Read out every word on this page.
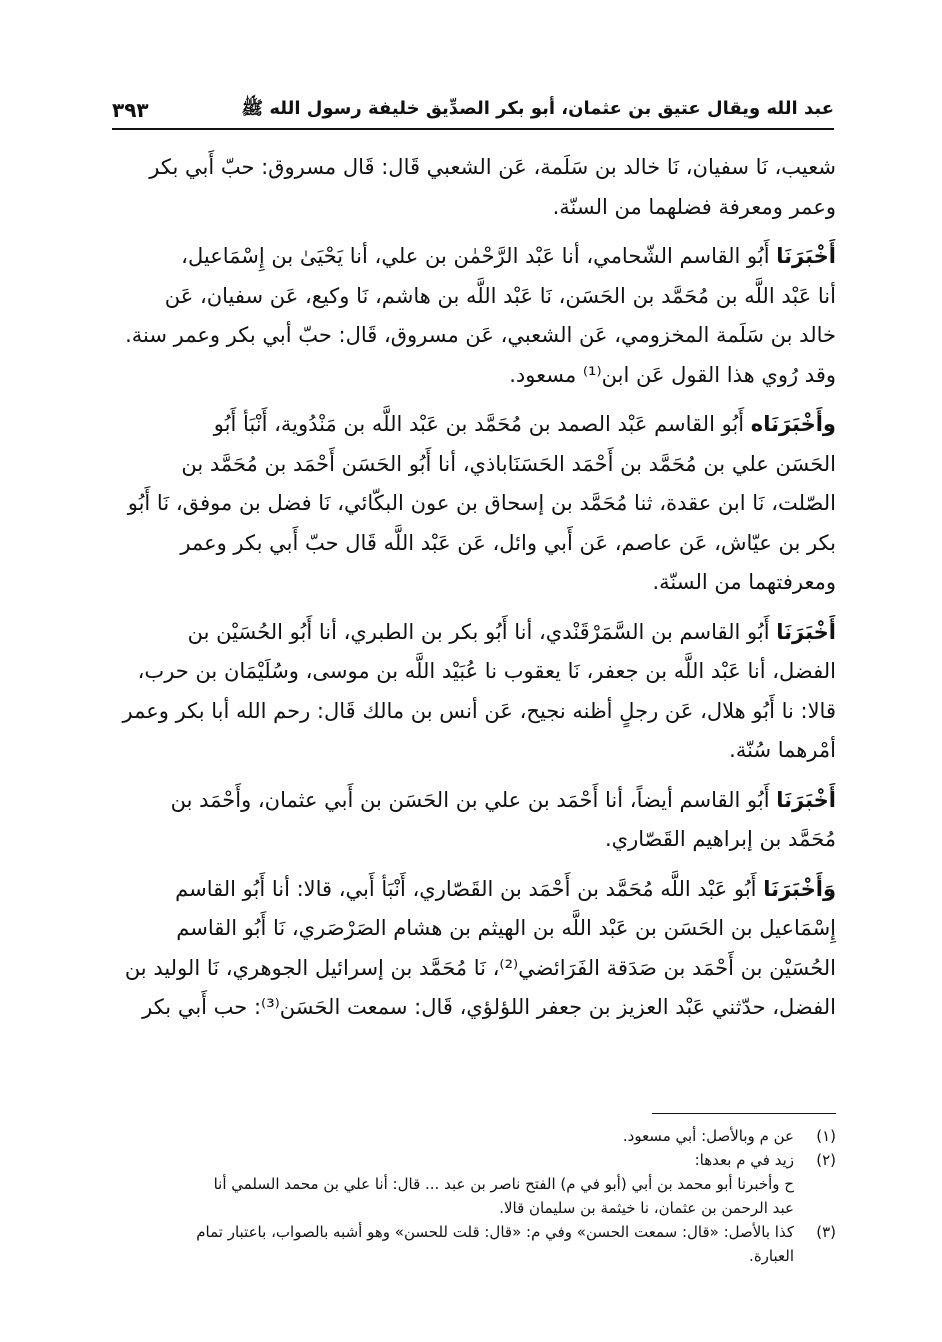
عبد الله ويقال عتيق بن عثمان، أبو بكر الصدِّيق خليفة رسول الله ﷺ
٣٩٣
شعيب، نَا سفيان، نَا خالد بن سَلَمة، عَن الشعبي قَال: قَال مسروق: حبّ أَبي بكر
وعمر ومعرفة فضلهما من السنّة.
أَخْبَرَنَا أَبُو القاسم الشّحامي، أنا عَبْد الرَّحْمٰن بن علي، أنا يَحْيَىٰ بن إِسْمَاعيل،
أنا عَبْد اللَّه بن مُحَمَّد بن الحَسَن، نَا عَبْد اللَّه بن هاشم، نَا وكيع، عَن سفيان، عَن
خالد بن سَلَمة المخزومي، عَن الشعبي، عَن مسروق، قَال: حبّ أبي بكر وعمر سنة.
وقد رُوي هذا القول عَن ابن⁽¹⁾ مسعود.
وأَخْبَرَنَاه أَبُو القاسم عَبْد الصمد بن مُحَمَّد بن عَبْد اللَّه بن مَنْدُوية، أَنْبَأ أَبُو
الحَسَن علي بن مُحَمَّد بن أَحْمَد الحَسَنَاباذي، أنا أَبُو الحَسَن أَحْمَد بن مُحَمَّد بن
الصّلت، نَا ابن عقدة، ثنا مُحَمَّد بن إسحاق بن عون البكّائي، نَا فضل بن موفق، نَا أَبُو
بكر بن عيّاش، عَن عاصم، عَن أَبي وائل، عَن عَبْد اللَّه قَال حبّ أَبي بكر وعمر
ومعرفتهما من السنّة.
أَخْبَرَنَا أَبُو القاسم بن السَّمَرْقَنْدي، أنا أَبُو بكر بن الطبري، أنا أَبُو الحُسَيْن بن
الفضل، أنا عَبْد اللَّه بن جعفر، نَا يعقوب نا عُبَيْد اللَّه بن موسى، وسُلَيْمَان بن حرب،
قالا: نا أَبُو هلال، عَن رجلٍ أظنه نجيح، عَن أنس بن مالك قَال: رحم الله أبا بكر وعمر
أمْرهما سُنّة.
أَخْبَرَنَا أَبُو القاسم أيضاً، أنا أَحْمَد بن علي بن الحَسَن بن أَبي عثمان، وأَحْمَد بن
مُحَمَّد بن إبراهيم القَصّاري.
وَأَخْبَرَنَا أَبُو عَبْد اللَّه مُحَمَّد بن أَحْمَد بن القَصّاري، أَنْبَأ أَبي، قالا: أنا أَبُو القاسم
إِسْمَاعيل بن الحَسَن بن عَبْد اللَّه بن الهيثم بن هشام الصَرْصَري، نَا أَبُو القاسم
الحُسَيْن بن أَحْمَد بن صَدَقة الفَرَائضي⁽²⁾، نَا مُحَمَّد بن إسرائيل الجوهري، نَا الوليد بن
الفضل، حدّثني عَبْد العزيز بن جعفر اللؤلؤي، قَال: سمعت الحَسَن⁽³⁾: حب أَبي بكر
(١)
عن م وبالأصل: أبي مسعود.
(٢)
زيد في م بعدها:
ح وأخبرنا أبو محمد بن أبي (أبو في م) الفتح ناصر بن عبد ... قال: أنا علي بن محمد السلمي أنا
عبد الرحمن بن عثمان، نا خيثمة بن سليمان قالا.
(٣)
كذا بالأصل: «قال: سمعت الحسن» وفي م: «قال: قلت للحسن» وهو أشبه بالصواب، باعتبار تمام
العبارة.
